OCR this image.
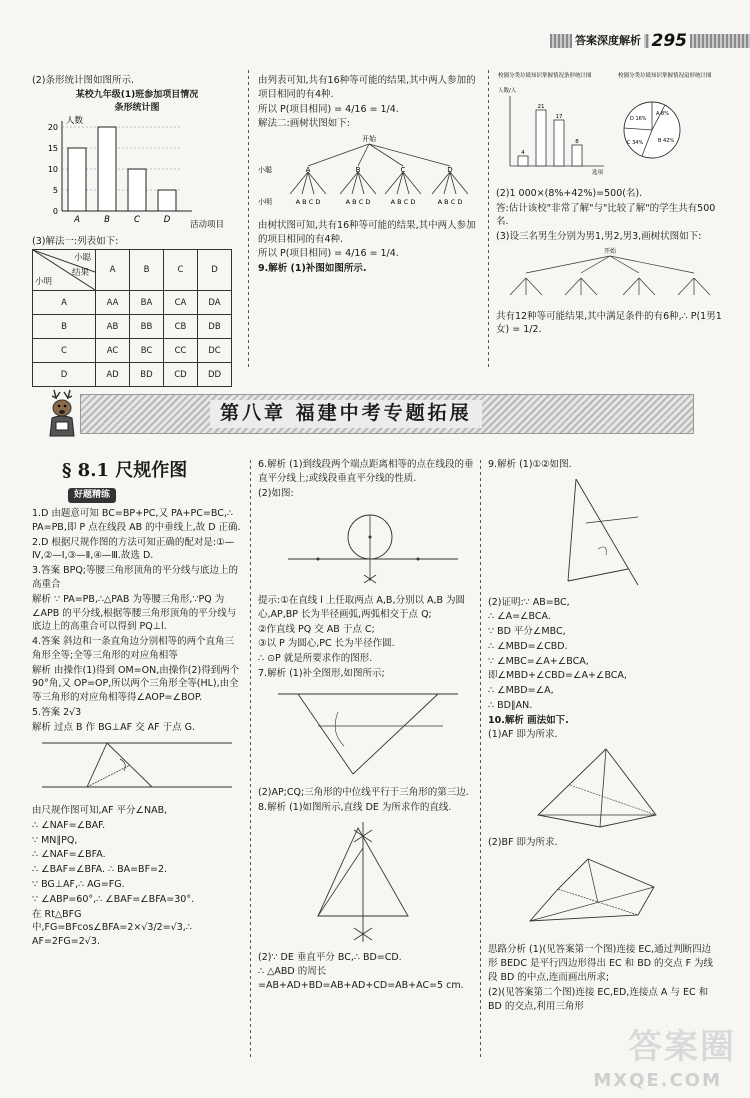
答案深度解析 295

(2)条形统计图如图所示.

某校九年级(1)班参加项目情况
条形统计图
人数
5
10
15
20
0
A	B	C	D 活动项目

(3)解法一:列表如下:

小聪
结果
小明	A	B	C	D
A	AA	BA	CA	DA
B	AB	BB	CB	DB
C	AC	BC	CC	DC
D	AD	BD	CD	DD

由列表可知,共有16种等可能的结果,其中两人参加的项目相同的有4种.

所以 P(项目相同) = 4/16 = 1/4.

解法二:画树状图如下:

开始
小聪
小明
A	B	C	D
A B C D	A B C D	A B C D	A B C D

由树状图可知,共有16种等可能的结果,其中两人参加的项目相同的有4种.

所以 P(项目相同) = 4/16 = 1/4.

9.解析 (1)补图如图所示.

校園分类垃圾知识掌握情况条形统计图
人数/人
4
21
17
8
选项
校園分类垃圾知识掌握情况扇形统计图
A 8%
B 42%
C 34%
D 16%

(2)1 000×(8%+42%)=500(名).

答:估计该校"非常了解"与"比较了解"的学生共有500名.

(3)设三名男生分别为男1,男2,男3,画树状图如下:

开始

共有12种等可能结果,其中满足条件的有6种,∴ P(1男1女) = 1/2.

第八章 福建中考专题拓展
§ 8.1 尺规作图
好题精练

1.D 由题意可知 BC=BP+PC,又 PA+PC=BC,∴ PA=PB,即 P 点在线段 AB 的中垂线上,故 D 正确.

2.D 根据尺规作图的方法可知正确的配对是:①—Ⅳ,②—Ⅰ,③—Ⅱ,④—Ⅲ.故选 D.

3.答案 BPQ;等腰三角形顶角的平分线与底边上的高重合

解析 ∵ PA=PB,∴△PAB 为等腰三角形,∵PQ 为∠APB 的平分线,根据等腰三角形顶角的平分线与底边上的高重合可以得到 PQ⊥l.

4.答案 斜边和一条直角边分别相等的两个直角三角形全等;全等三角形的对应角相等

解析 由操作(1)得到 OM=ON,由操作(2)得到两个 90°角,又 OP=OP,所以两个三角形全等(HL),由全等三角形的对应角相等得∠AOP=∠BOP.

5.答案 2√3

解析 过点 B 作 BG⊥AF 交 AF 于点 G.

由尺规作图可知,AF 平分∠NAB,

∴ ∠NAF=∠BAF.

∵ MN∥PQ,

∴ ∠NAF=∠BFA.

∴ ∠BAF=∠BFA. ∴ BA=BF=2.

∵ BG⊥AF,∴ AG=FG.

∵ ∠ABP=60°,∴ ∠BAF=∠BFA=30°.

在 Rt△BFG 中,FG=BFcos∠BFA=2×√3/2=√3,∴ AF=2FG=2√3.

6.解析 (1)到线段两个端点距离相等的点在线段的垂直平分线上;或线段垂直平分线的性质.

(2)如图:

提示:①在直线 l 上任取两点 A,B,分别以 A,B 为圆心,AP,BP 长为半径画弧,两弧相交于点 Q;

②作直线 PQ 交 AB 于点 C;

③以 P 为圆心,PC 长为半径作圆.

∴ ⊙P 就是所要求作的图形.

7.解析 (1)补全图形,如图所示;

(2)AP;CQ;三角形的中位线平行于三角形的第三边.

8.解析 (1)如图所示,直线 DE 为所求作的直线.

(2)∵ DE 垂直平分 BC,∴ BD=CD.

∴ △ABD 的周长=AB+AD+BD=AB+AD+CD=AB+AC=5 cm.

9.解析 (1)①②如图.

(2)证明:∵ AB=BC,

∴ ∠A=∠BCA.

∵ BD 平分∠MBC,

∴ ∠MBD=∠CBD.

∵ ∠MBC=∠A+∠BCA,

即∠MBD+∠CBD=∠A+∠BCA,

∴ ∠MBD=∠A,

∴ BD∥AN.

10.解析 画法如下.

(1)AF 即为所求.

(2)BF 即为所求.

思路分析 (1)(见答案第一个图)连接 EC,通过判断四边形 BEDC 是平行四边形得出 EC 和 BD 的交点 F 为线段 BD 的中点,连而画出所求;

(2)(见答案第二个图)连接 EC,ED,连接点 A 与 EC 和 BD 的交点,利用三角形

答案圈
MXQE.COM
